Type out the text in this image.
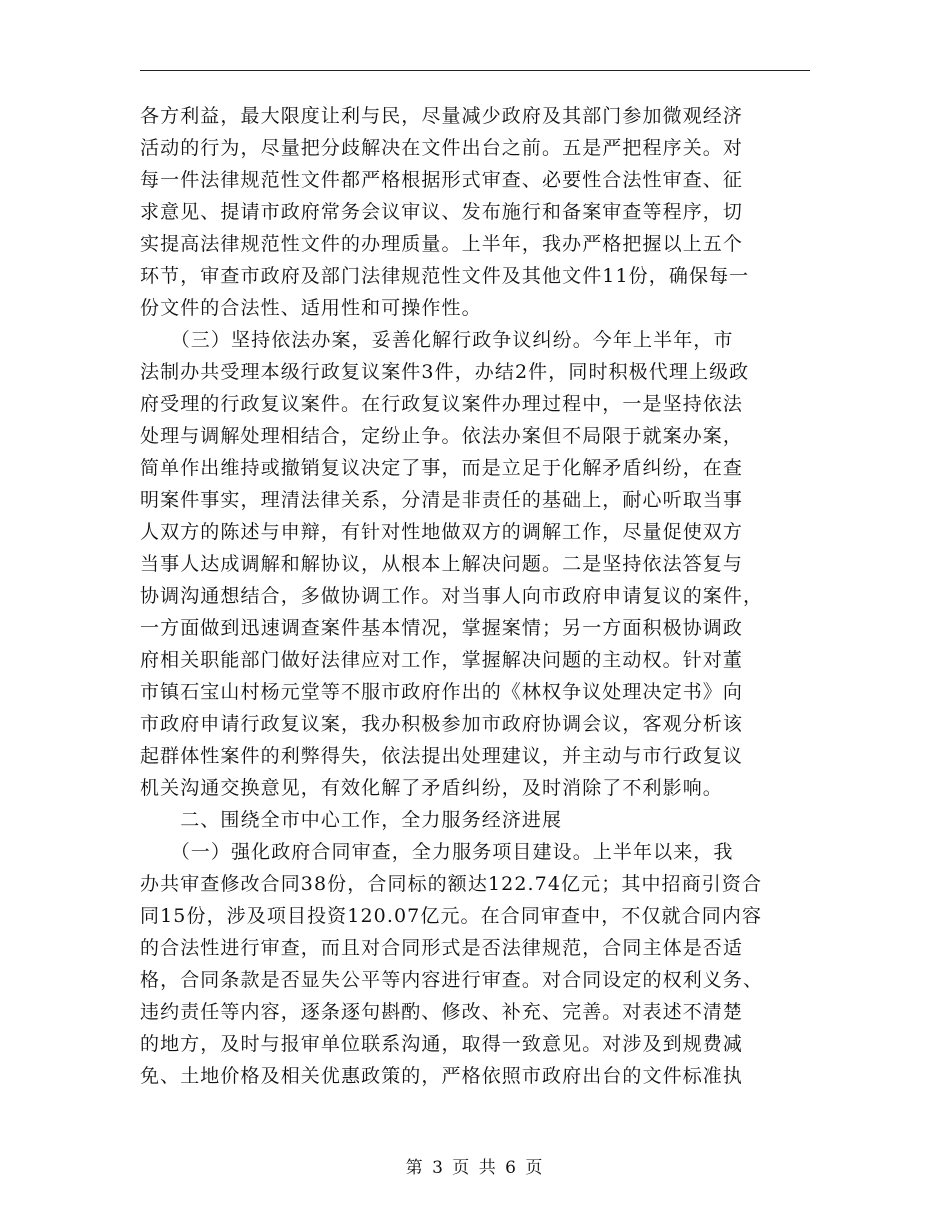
各方利益，最大限度让利与民，尽量减少政府及其部门参加微观经济
活动的行为，尽量把分歧解决在文件出台之前。五是严把程序关。对
每一件法律规范性文件都严格根据形式审查、必要性合法性审查、征
求意见、提请市政府常务会议审议、发布施行和备案审查等程序，切
实提高法律规范性文件的办理质量。上半年，我办严格把握以上五个
环节，审查市政府及部门法律规范性文件及其他文件11份，确保每一
份文件的合法性、适用性和可操作性。
　　（三）坚持依法办案，妥善化解行政争议纠纷。今年上半年，市
法制办共受理本级行政复议案件3件，办结2件，同时积极代理上级政
府受理的行政复议案件。在行政复议案件办理过程中，一是坚持依法
处理与调解处理相结合，定纷止争。依法办案但不局限于就案办案，
简单作出维持或撤销复议决定了事，而是立足于化解矛盾纠纷，在查
明案件事实，理清法律关系，分清是非责任的基础上，耐心听取当事
人双方的陈述与申辩，有针对性地做双方的调解工作，尽量促使双方
当事人达成调解和解协议，从根本上解决问题。二是坚持依法答复与
协调沟通想结合，多做协调工作。对当事人向市政府申请复议的案件，
一方面做到迅速调查案件基本情况，掌握案情；另一方面积极协调政
府相关职能部门做好法律应对工作，掌握解决问题的主动权。针对董
市镇石宝山村杨元堂等不服市政府作出的《林权争议处理决定书》向
市政府申请行政复议案，我办积极参加市政府协调会议，客观分析该
起群体性案件的利弊得失，依法提出处理建议，并主动与市行政复议
机关沟通交换意见，有效化解了矛盾纠纷，及时消除了不利影响。
　　二、围绕全市中心工作，全力服务经济进展
　　（一）强化政府合同审查，全力服务项目建设。上半年以来，我
办共审查修改合同38份，合同标的额达122.74亿元；其中招商引资合
同15份，涉及项目投资120.07亿元。在合同审查中，不仅就合同内容
的合法性进行审查，而且对合同形式是否法律规范，合同主体是否适
格，合同条款是否显失公平等内容进行审查。对合同设定的权利义务、
违约责任等内容，逐条逐句斟酌、修改、补充、完善。对表述不清楚
的地方，及时与报审单位联系沟通，取得一致意见。对涉及到规费减
免、土地价格及相关优惠政策的，严格依照市政府出台的文件标准执
第 3 页 共 6 页
